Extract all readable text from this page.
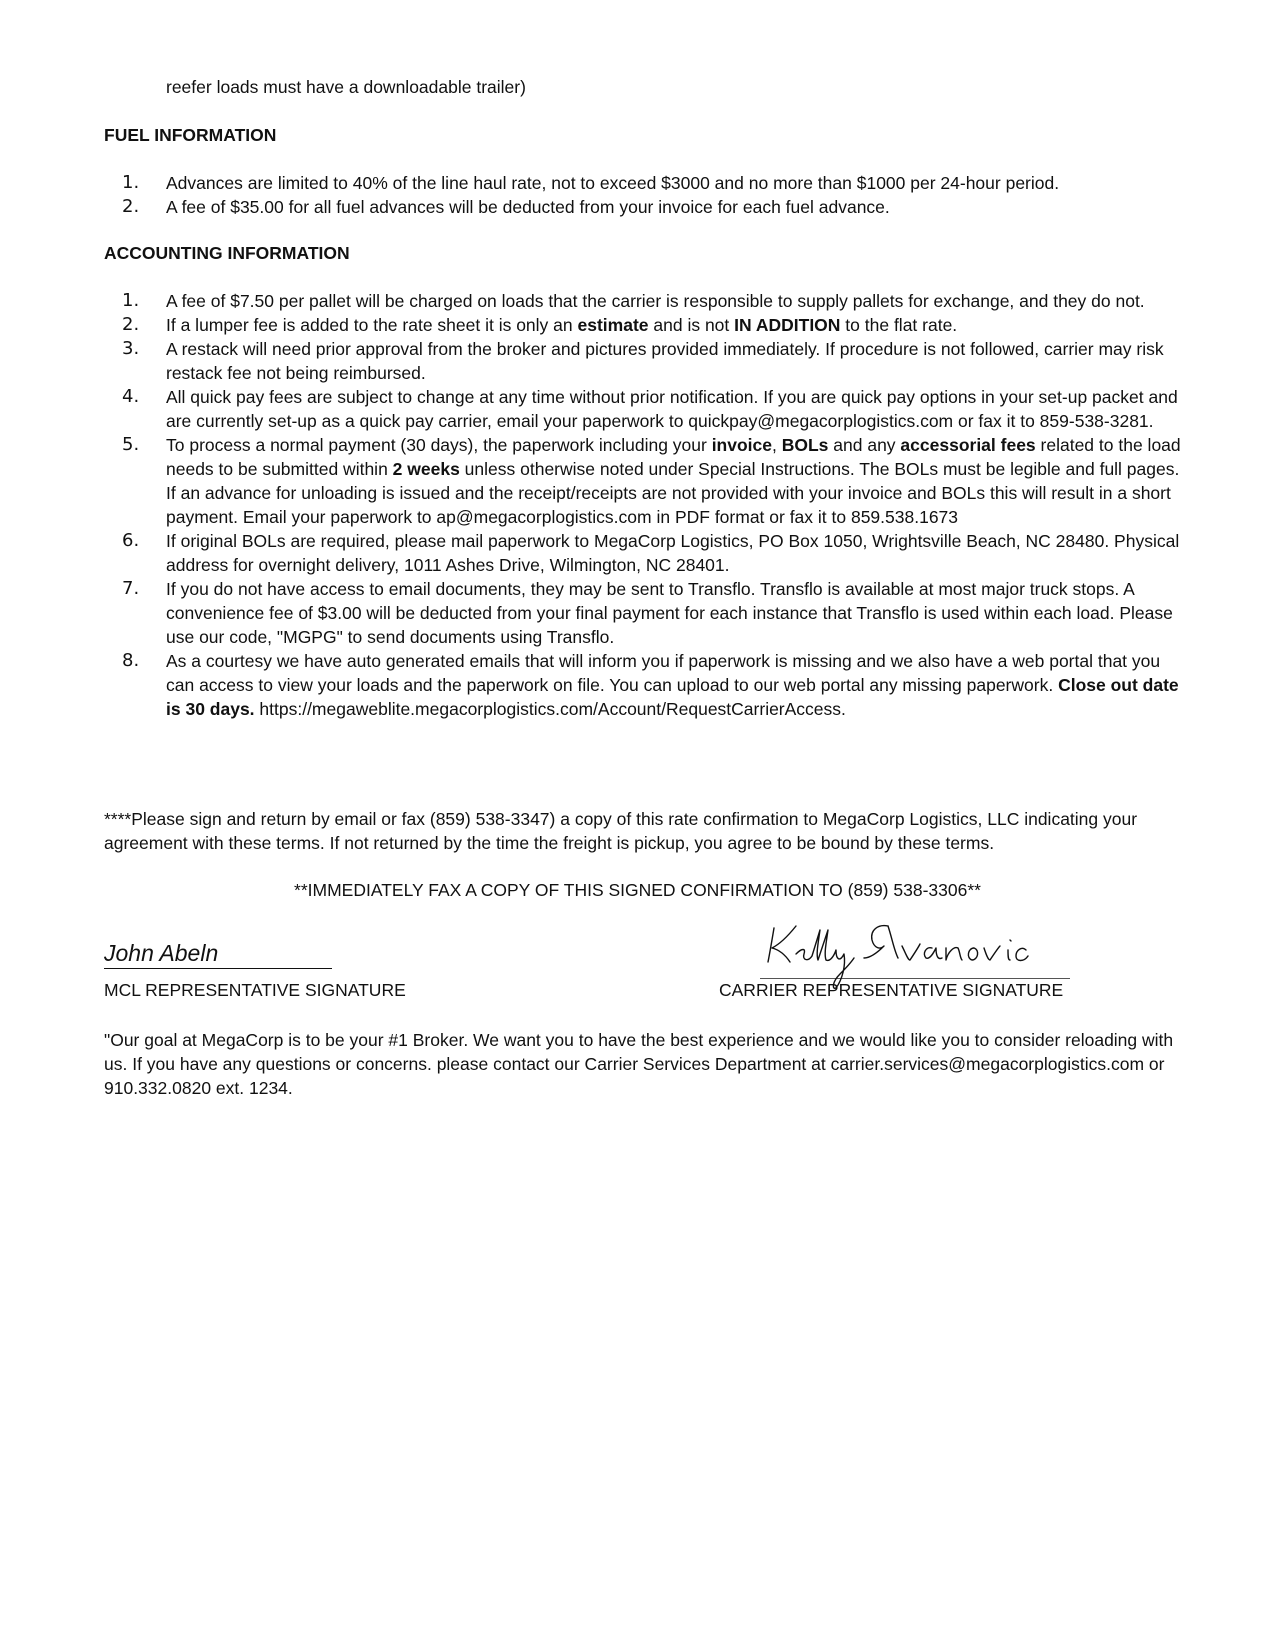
reefer loads must have a downloadable trailer)
FUEL INFORMATION
1.	Advances are limited to 40% of the line haul rate, not to exceed $3000 and no more than $1000 per 24-hour period.
2.	A fee of $35.00 for all fuel advances will be deducted from your invoice for each fuel advance.
ACCOUNTING INFORMATION
1.	A fee of $7.50 per pallet will be charged on loads that the carrier is responsible to supply pallets for exchange, and they do not.
2.	If a lumper fee is added to the rate sheet it is only an estimate and is not IN ADDITION to the flat rate.
3.	A restack will need prior approval from the broker and pictures provided immediately. If procedure is not followed, carrier may risk restack fee not being reimbursed.
4.	All quick pay fees are subject to change at any time without prior notification. If you are quick pay options in your set-up packet and are currently set-up as a quick pay carrier, email your paperwork to quickpay@megacorplogistics.com or fax it to 859-538-3281.
5.	To process a normal payment (30 days), the paperwork including your invoice, BOLs and any accessorial fees related to the load needs to be submitted within 2 weeks unless otherwise noted under Special Instructions. The BOLs must be legible and full pages. If an advance for unloading is issued and the receipt/receipts are not provided with your invoice and BOLs this will result in a short payment. Email your paperwork to ap@megacorplogistics.com in PDF format or fax it to 859.538.1673
6.	If original BOLs are required, please mail paperwork to MegaCorp Logistics, PO Box 1050, Wrightsville Beach, NC 28480. Physical address for overnight delivery, 1011 Ashes Drive, Wilmington, NC 28401.
7.	If you do not have access to email documents, they may be sent to Transflo. Transflo is available at most major truck stops. A convenience fee of $3.00 will be deducted from your final payment for each instance that Transflo is used within each load. Please use our code, "MGPG" to send documents using Transflo.
8.	As a courtesy we have auto generated emails that will inform you if paperwork is missing and we also have a web portal that you can access to view your loads and the paperwork on file. You can upload to our web portal any missing paperwork. Close out date is 30 days. https://megaweblite.megacorplogistics.com/Account/RequestCarrierAccess.
****Please sign and return by email or fax (859) 538-3347) a copy of this rate confirmation to MegaCorp Logistics, LLC indicating your agreement with these terms. If not returned by the time the freight is pickup, you agree to be bound by these terms.
**IMMEDIATELY FAX A COPY OF THIS SIGNED CONFIRMATION TO (859) 538-3306**
John Abeln
MCL REPRESENTATIVE SIGNATURE	CARRIER REPRESENTATIVE SIGNATURE
"Our goal at MegaCorp is to be your #1 Broker. We want you to have the best experience and we would like you to consider reloading with us. If you have any questions or concerns. please contact our Carrier Services Department at carrier.services@megacorplogistics.com or 910.332.0820 ext. 1234.
